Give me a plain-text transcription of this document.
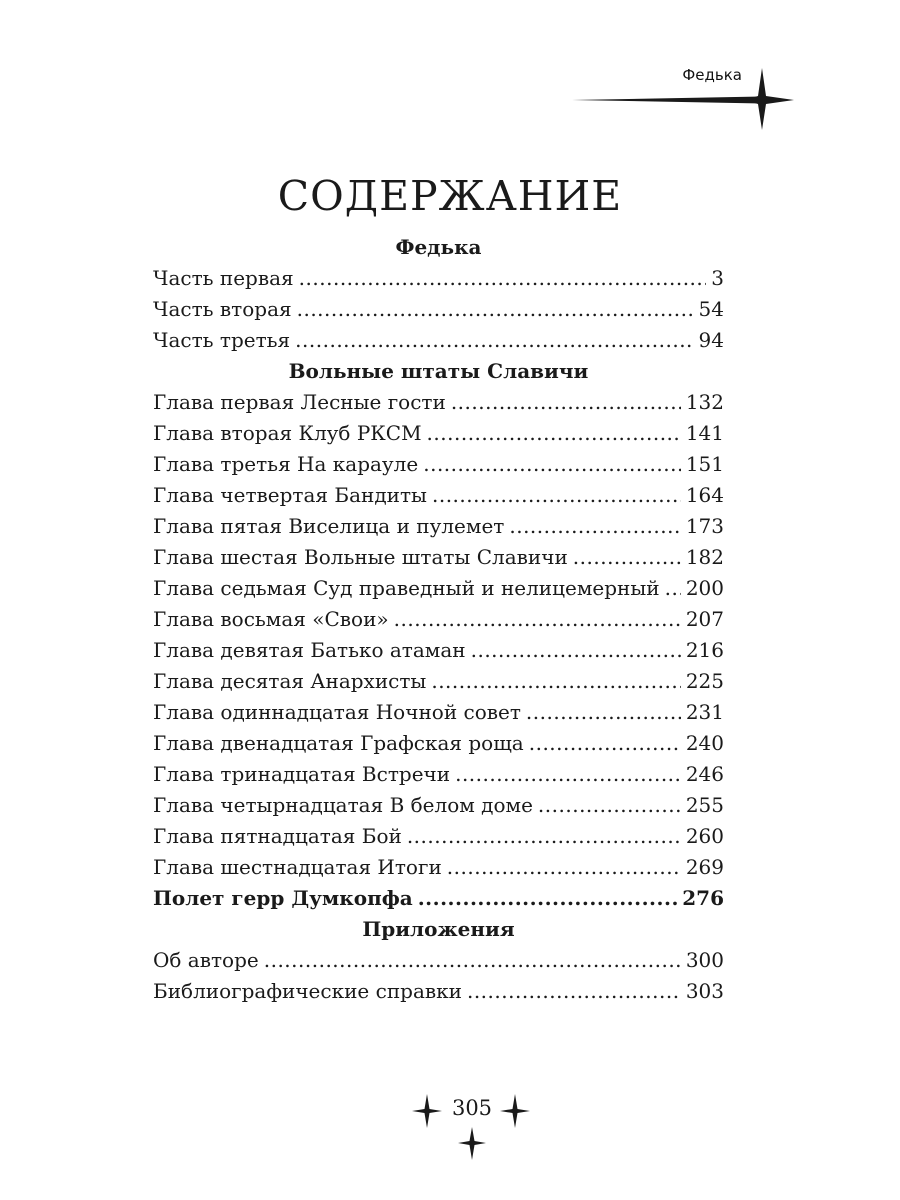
Федька
СОДЕРЖАНИЕ
Федька
Часть первая .....	3
Часть вторая .....	54
Часть третья .....	94
Вольные штаты Славичи
Глава первая Лесные гости .....	132
Глава вторая Клуб РКСМ .....	141
Глава третья На карауле .....	151
Глава четвертая Бандиты .....	164
Глава пятая Виселица и пулемет .....	173
Глава шестая Вольные штаты Славичи .....	182
Глава седьмая Суд праведный и нелицемерный ..... 200
Глава восьмая «Свои» .....	207
Глава девятая Батько атаман .....	216
Глава десятая Анархисты .....	225
Глава одиннадцатая Ночной совет .....	231
Глава двенадцатая Графская роща .....	240
Глава тринадцатая Встречи .....	246
Глава четырнадцатая В белом доме .....	255
Глава пятнадцатая Бой .....	260
Глава шестнадцатая Итоги .....	269
Полет герр Думкопфа .....	276
Приложения
Об авторе .....	300
Библиографические справки .....	303
305
